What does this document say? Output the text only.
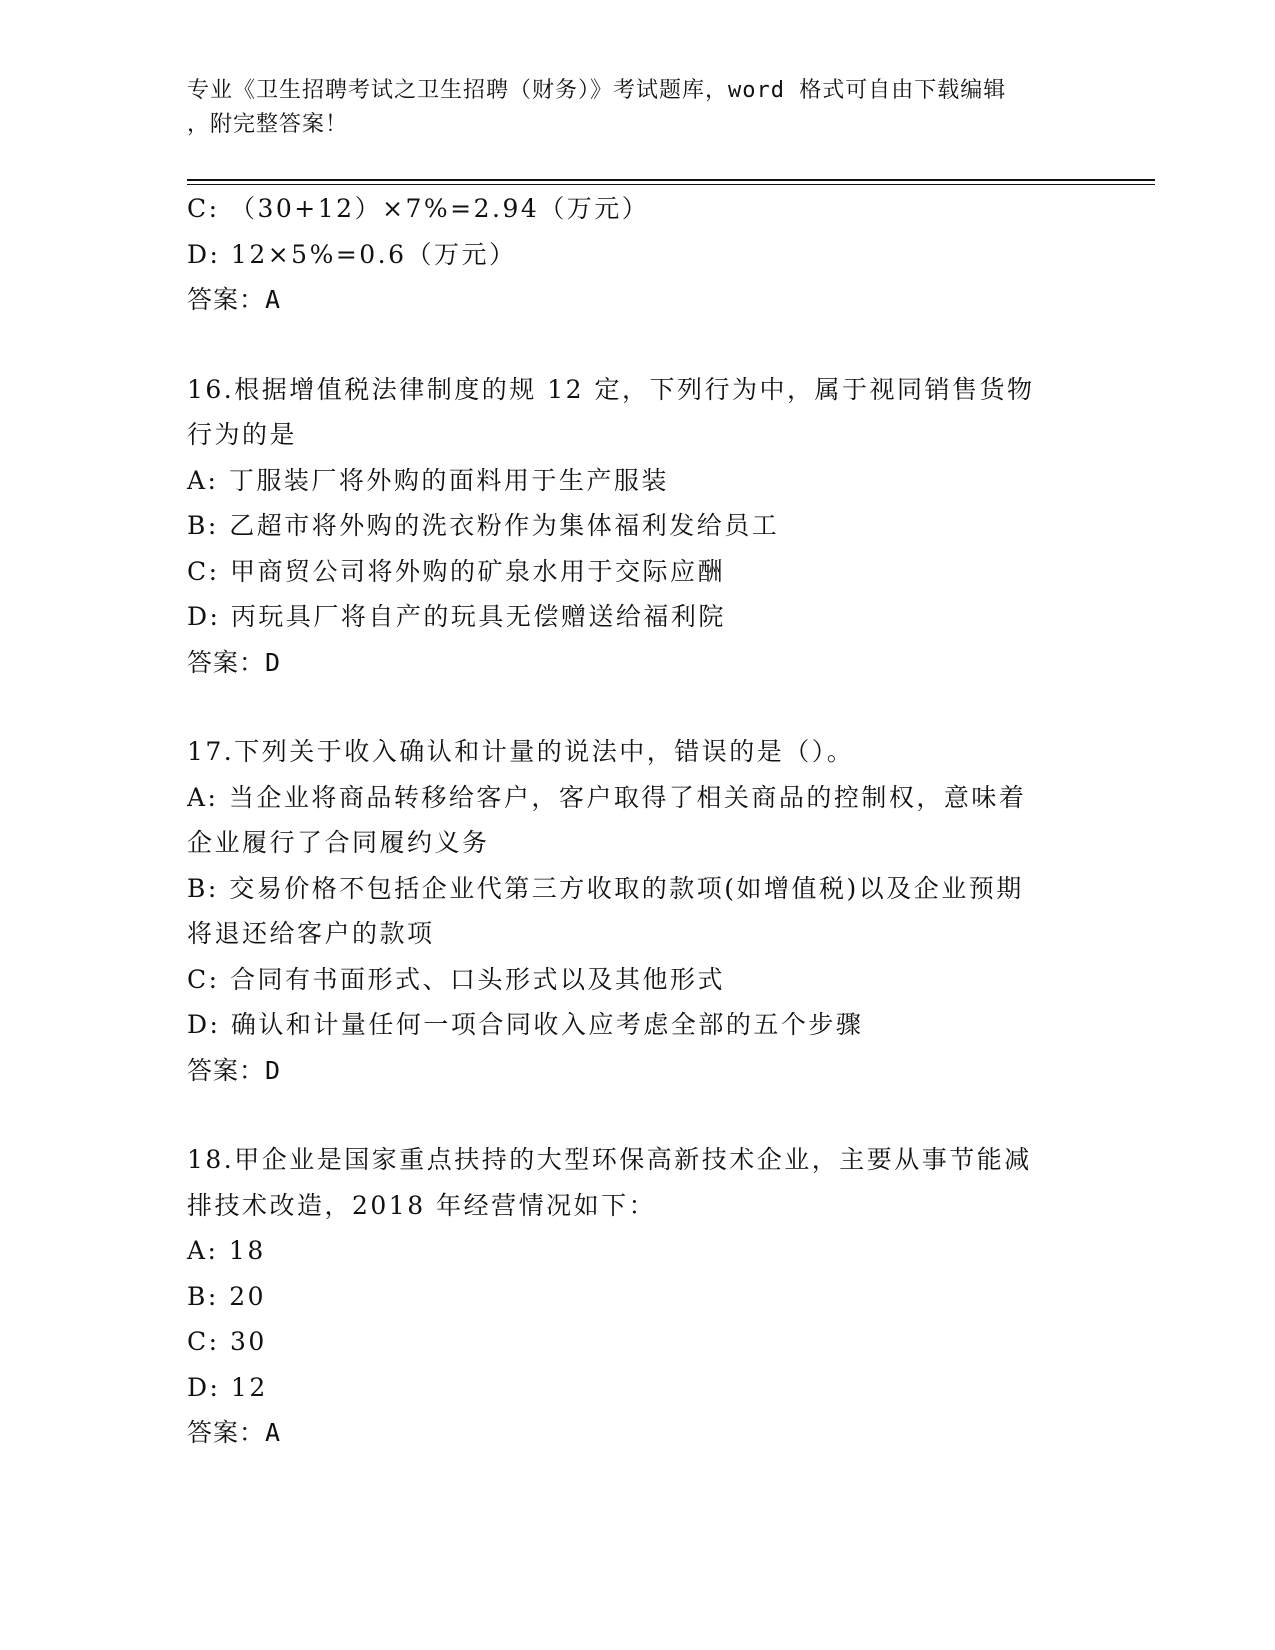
专业《卫生招聘考试之卫生招聘（财务）》考试题库，word 格式可自由下载编辑
，附完整答案！
C: （30+12）×7%=2.94（万元）
D: 12×5%=0.6（万元）
答案：A
16.根据增值税法律制度的规 12 定，下列行为中，属于视同销售货物
行为的是
A: 丁服装厂将外购的面料用于生产服装
B: 乙超市将外购的洗衣粉作为集体福利发给员工
C: 甲商贸公司将外购的矿泉水用于交际应酬
D: 丙玩具厂将自产的玩具无偿赠送给福利院
答案：D
17.下列关于收入确认和计量的说法中，错误的是（）。
A: 当企业将商品转移给客户，客户取得了相关商品的控制权，意味着
企业履行了合同履约义务
B: 交易价格不包括企业代第三方收取的款项(如增值税)以及企业预期
将退还给客户的款项
C: 合同有书面形式、口头形式以及其他形式
D: 确认和计量任何一项合同收入应考虑全部的五个步骤
答案：D
18.甲企业是国家重点扶持的大型环保高新技术企业，主要从事节能减
排技术改造，2018 年经营情况如下：
A: 18
B: 20
C: 30
D: 12
答案：A
